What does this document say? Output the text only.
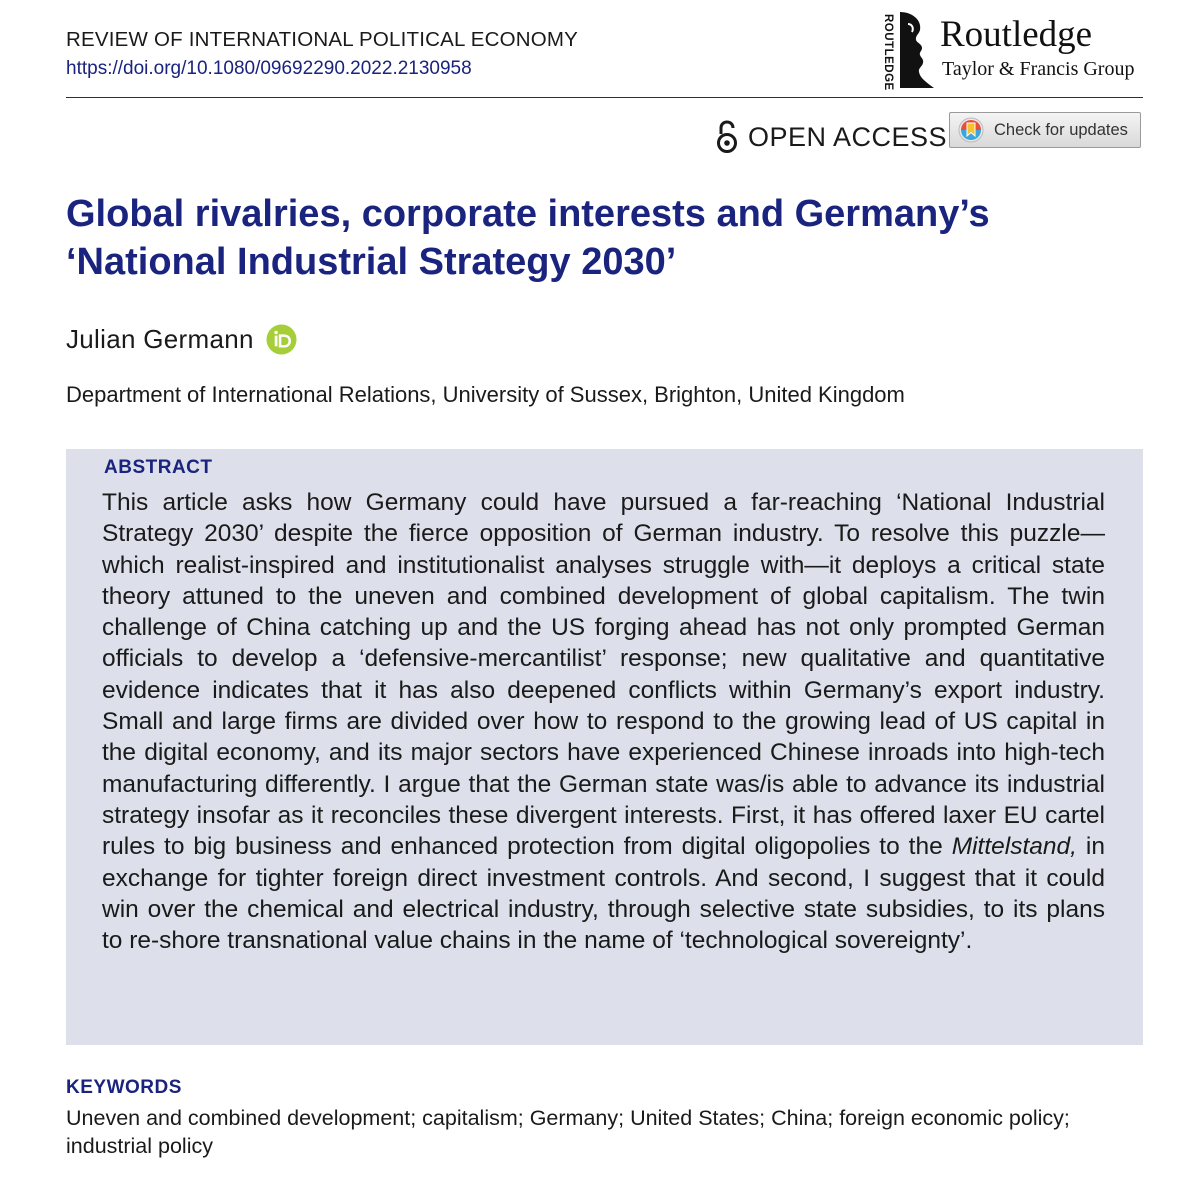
REVIEW OF INTERNATIONAL POLITICAL ECONOMY
https://doi.org/10.1080/09692290.2022.2130958	ROUTLEDGE Routledge
Taylor & Francis Group
OPEN ACCESS	Check for updates
Global rivalries, corporate interests and Germany’s ‘National Industrial Strategy 2030’
Julian Germann
Department of International Relations, University of Sussex, Brighton, United Kingdom
ABSTRACT

This article asks how Germany could have pursued a far-reaching ‘National Industrial Strategy 2030’ despite the fierce opposition of German industry. To resolve this puzzle—which realist-inspired and institutionalist analyses struggle with—it deploys a critical state theory attuned to the uneven and combined development of global capitalism. The twin challenge of China catching up and the US forging ahead has not only prompted German officials to develop a ‘defensive-mercantilist’ response; new qualitative and quantitative evidence indicates that it has also deepened conflicts within Germany’s export industry. Small and large firms are divided over how to respond to the growing lead of US capital in the digital economy, and its major sectors have experienced Chinese inroads into high-tech manufacturing differently. I argue that the German state was/is able to advance its industrial strategy insofar as it reconciles these divergent interests. First, it has offered laxer EU cartel rules to big business and enhanced protection from digital oligopolies to the Mittelstand, in exchange for tighter foreign direct investment controls. And second, I suggest that it could win over the chemical and electrical industry, through selective state subsidies, to its plans to re-shore transnational value chains in the name of ‘technological sovereignty’.

KEYWORDS

Uneven and combined development; capitalism; Germany; United States; China; foreign economic policy; industrial policy
